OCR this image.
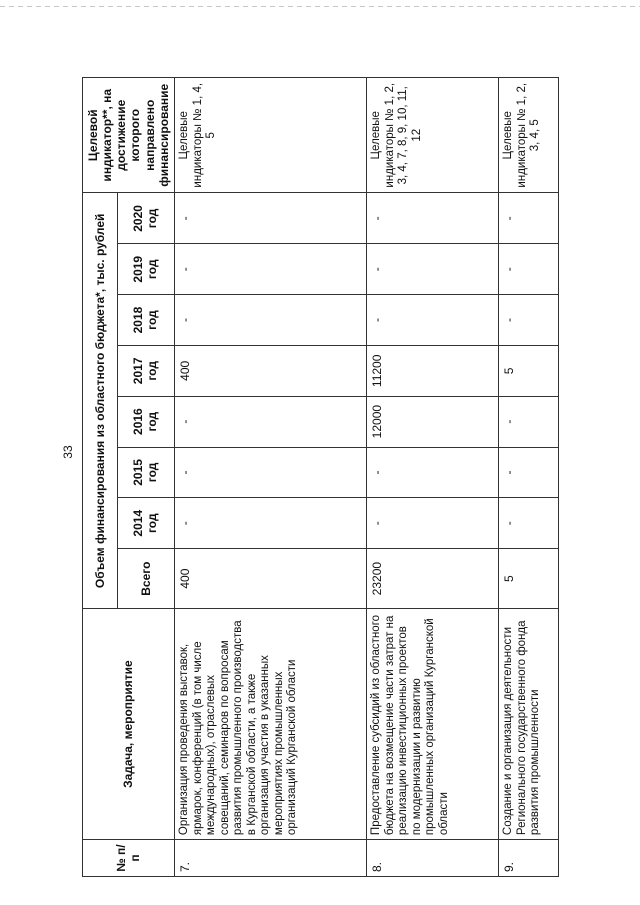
33
№ п/п	Задача, мероприятие	Объем финансирования из областного бюджета*, тыс. рублей								Целевой индикатор**, на достижение которого направлено финансирование
		Всего	2014 год	2015 год	2016 год	2017 год	2018 год	2019 год	2020 год	
7.	Организация проведения выставок, ярмарок, конференций (в том числе международных), отраслевых совещаний, семинаров по вопросам развития промышленного производства в Курганской области, а также организация участия в указанных мероприятиях промышленных организаций Курганской области	400	-	-	-	400	-	-	-	Целевые индикаторы № 1, 4, 5
8.	Предоставление субсидий из областного бюджета на возмещение части затрат на реализацию инвестиционных проектов по модернизации и развитию промышленных организаций Курганской области	23200	-	-	12000	11200	-	-	-	Целевые индикаторы № 1, 2, 3, 4, 7, 8, 9, 10, 11, 12
9.	Создание и организация деятельности Регионального государственного фонда развития промышленности	5	-	-	-	5	-	-	-	Целевые индикаторы № 1, 2, 3, 4, 5
